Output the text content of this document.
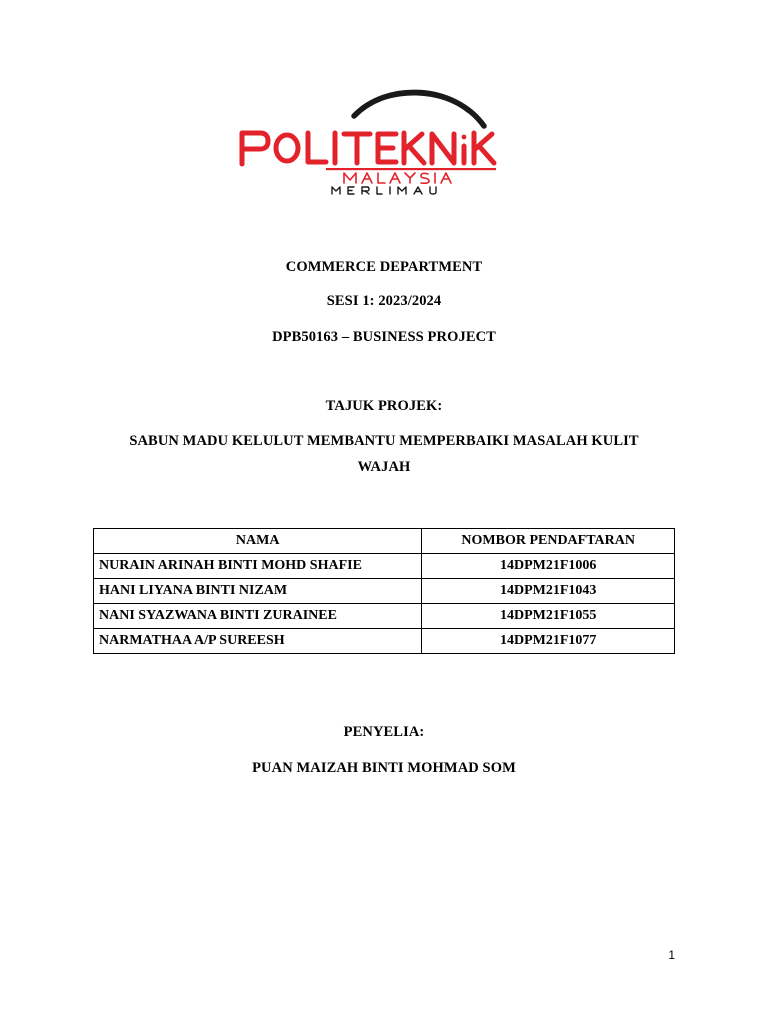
COMMERCE DEPARTMENT
SESI 1: 2023/2024
DPB50163 – BUSINESS PROJECT
TAJUK PROJEK:
SABUN MADU KELULUT MEMBANTU MEMPERBAIKI MASALAH KULIT
WAJAH
NAMA	NOMBOR PENDAFTARAN
NURAIN ARINAH BINTI MOHD SHAFIE	14DPM21F1006
HANI LIYANA BINTI NIZAM	14DPM21F1043
NANI SYAZWANA BINTI ZURAINEE	14DPM21F1055
NARMATHAA A/P SUREESH	14DPM21F1077
PENYELIA:
PUAN MAIZAH BINTI MOHMAD SOM
1
